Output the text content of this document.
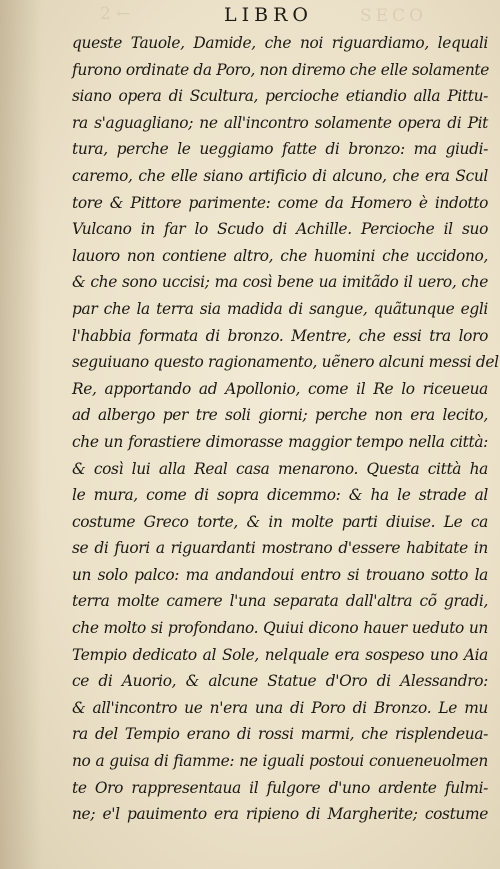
2 ←	LIBRO	SECO
queste Tauole, Damide, che noi riguardiamo, lequali
furono ordinate da Poro, non diremo che elle solamente
siano opera di Scultura, percioche etiandio alla Pittu-
ra s'aguagliano; ne all'incontro solamente opera di Pit
tura, perche le ueggiamo fatte di bronzo: ma giudi-
caremo, che elle siano artificio di alcuno, che era Scul
tore & Pittore parimente: come da Homero è indotto
Vulcano in far lo Scudo di Achille. Percioche il suo
lauoro non contiene altro, che huomini che uccidono,
& che sono uccisi; ma così bene ua imitãdo il uero, che
par che la terra sia madida di sangue, quãtunque egli
l'habbia formata di bronzo. Mentre, che essi tra loro
seguiuano questo ragionamento, uẽnero alcuni messi del
Re, apportando ad Apollonio, come il Re lo riceueua
ad albergo per tre soli giorni; perche non era lecito,
che un forastiere dimorasse maggior tempo nella città:
& così lui alla Real casa menarono. Questa città ha
le mura, come di sopra dicemmo: & ha le strade al
costume Greco torte, & in molte parti diuise. Le ca
se di fuori a riguardanti mostrano d'essere habitate in
un solo palco: ma andandoui entro si trouano sotto la
terra molte camere l'una separata dall'altra cõ gradi,
che molto si profondano. Quiui dicono hauer ueduto un
Tempio dedicato al Sole, nelquale era sospeso uno Aia
ce di Auorio, & alcune Statue d'Oro di Alessandro:
& all'incontro ue n'era una di Poro di Bronzo. Le mu
ra del Tempio erano di rossi marmi, che risplendeua-
no a guisa di fiamme: ne iguali postoui conueneuolmen
te Oro rappresentaua il fulgore d'uno ardente fulmi-
ne; e'l pauimento era ripieno di Margherite; costume
